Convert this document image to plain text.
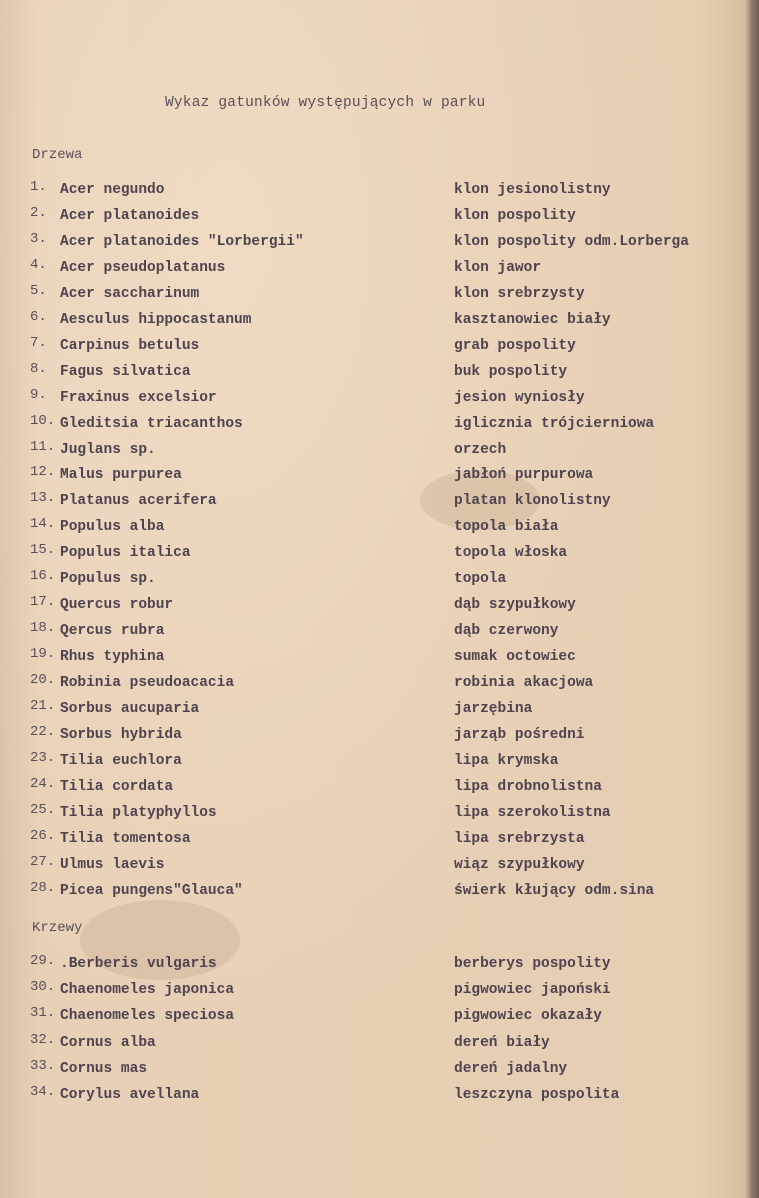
Wykaz gatunków występujących w parku
Drzewa
1. Acer negundo	klon jesionolistny
2. Acer platanoides	klon pospolity
3. Acer platanoides "Lorbergii"	klon pospolity odm.Lorberga
4. Acer pseudoplatanus	klon jawor
5. Acer saccharinum	klon srebrzysty
6. Aesculus hippocastanum	kasztanowiec biały
7. Carpinus betulus	grab pospolity
8. Fagus silvatica	buk pospolity
9. Fraxinus excelsior	jesion wyniosły
10. Gleditsia triacanthos	iglicznia trójcierniowa
11. Juglans sp.	orzech
12. Malus purpurea	jabłoń purpurowa
13. Platanus acerifera	platan klonolistny
14. Populus alba	topola biała
15. Populus italica	topola włoska
16. Populus sp.	topola
17. Quercus robur	dąb szypułkowy
18. Qercus rubra	dąb czerwony
19. Rhus typhina	sumak octowiec
20. Robinia pseudoacacia	robinia akacjowa
21. Sorbus aucuparia	jarzębina
22. Sorbus hybrida	jarząb pośredni
23. Tilia euchlora	lipa krymska
24. Tilia cordata	lipa drobnolistna
25. Tilia platyphyllos	lipa szerokolistna
26. Tilia tomentosa	lipa srebrzysta
27. Ulmus laevis	wiąz szypułkowy
28. Picea pungens"Glauca"	świerk kłujący odm.sina
Krzewy
29. .Berberis vulgaris	berberys pospolity
30. Chaenomeles japonica	pigwowiec japoński
31. Chaenomeles speciosa	pigwowiec okazały
32. Cornus alba	dereń biały
33. Cornus mas	dereń jadalny
34. Corylus avellana	leszczyna pospolita
